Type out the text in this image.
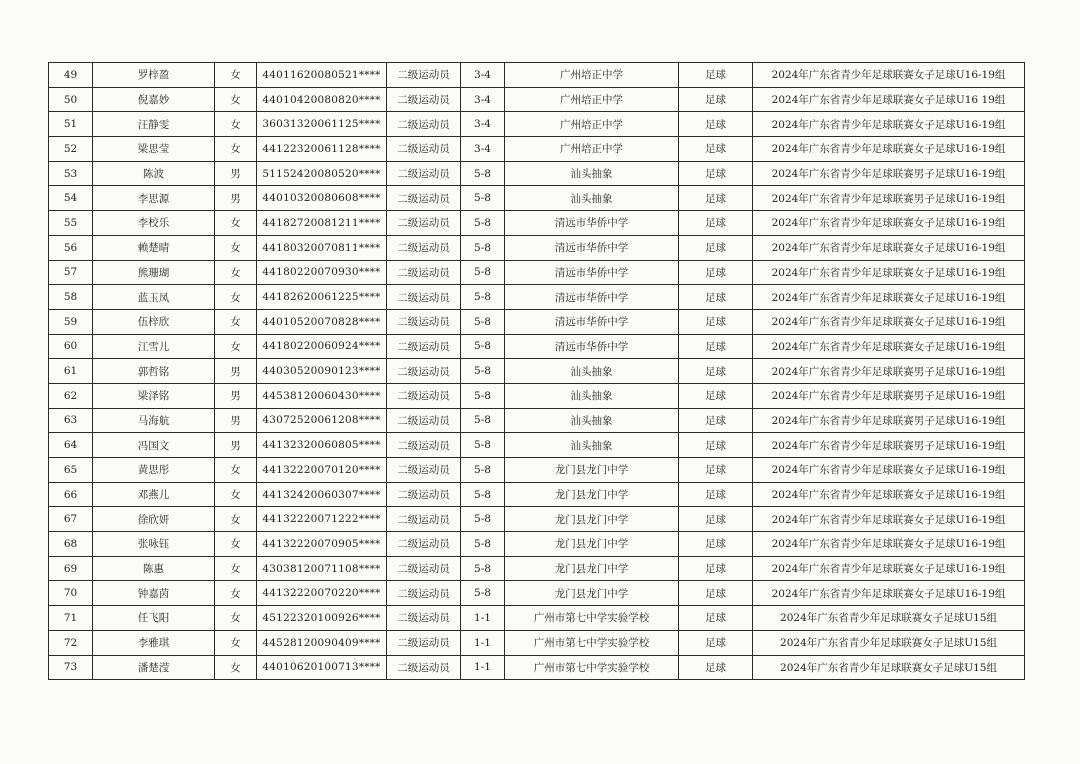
49	罗梓盈	女	44011620080521****	二级运动员	3-4	广州培正中学	足球	2024年广东省青少年足球联赛女子足球U16-19组
50	倪嘉妙	女	44010420080820****	二级运动员	3-4	广州培正中学	足球	2024年广东省青少年足球联赛女子足球U16 19组
51	汪静雯	女	36031320061125****	二级运动员	3-4	广州培正中学	足球	2024年广东省青少年足球联赛女子足球U16-19组
52	梁思莹	女	44122320061128****	二级运动员	3-4	广州培正中学	足球	2024年广东省青少年足球联赛女子足球U16-19组
53	陈波	男	51152420080520****	二级运动员	5-8	汕头抽象	足球	2024年广东省青少年足球联赛男子足球U16-19组
54	李思源	男	44010320080608****	二级运动员	5-8	汕头抽象	足球	2024年广东省青少年足球联赛男子足球U16-19组
55	李校乐	女	44182720081211****	二级运动员	5-8	清远市华侨中学	足球	2024年广东省青少年足球联赛女子足球U16-19组
56	赖楚晴	女	44180320070811****	二级运动员	5-8	清远市华侨中学	足球	2024年广东省青少年足球联赛女子足球U16-19组
57	熊珊瑚	女	44180220070930****	二级运动员	5-8	清远市华侨中学	足球	2024年广东省青少年足球联赛女子足球U16-19组
58	蓝玉凤	女	44182620061225****	二级运动员	5-8	清远市华侨中学	足球	2024年广东省青少年足球联赛女子足球U16-19组
59	伍梓欣	女	44010520070828****	二级运动员	5-8	清远市华侨中学	足球	2024年广东省青少年足球联赛女子足球U16-19组
60	江雪儿	女	44180220060924****	二级运动员	5-8	清远市华侨中学	足球	2024年广东省青少年足球联赛女子足球U16-19组
61	郭哲铭	男	44030520090123****	二级运动员	5-8	汕头抽象	足球	2024年广东省青少年足球联赛男子足球U16-19组
62	梁泽铭	男	44538120060430****	二级运动员	5-8	汕头抽象	足球	2024年广东省青少年足球联赛男子足球U16-19组
63	马海航	男	43072520061208****	二级运动员	5-8	汕头抽象	足球	2024年广东省青少年足球联赛男子足球U16-19组
64	冯国文	男	44132320060805****	二级运动员	5-8	汕头抽象	足球	2024年广东省青少年足球联赛男子足球U16-19组
65	黄思彤	女	44132220070120****	二级运动员	5-8	龙门县龙门中学	足球	2024年广东省青少年足球联赛女子足球U16-19组
66	邓燕儿	女	44132420060307****	二级运动员	5-8	龙门县龙门中学	足球	2024年广东省青少年足球联赛女子足球U16-19组
67	徐欣妍	女	44132220071222****	二级运动员	5-8	龙门县龙门中学	足球	2024年广东省青少年足球联赛女子足球U16-19组
68	张咏钰	女	44132220070905****	二级运动员	5-8	龙门县龙门中学	足球	2024年广东省青少年足球联赛女子足球U16-19组
69	陈惠	女	43038120071108****	二级运动员	5-8	龙门县龙门中学	足球	2024年广东省青少年足球联赛女子足球U16-19组
70	钟嘉茵	女	44132220070220****	二级运动员	5-8	龙门县龙门中学	足球	2024年广东省青少年足球联赛女子足球U16-19组
71	任飞阳	女	45122320100926****	二级运动员	1-1	广州市第七中学实验学校	足球	2024年广东省青少年足球联赛女子足球U15组
72	李雅琪	女	44528120090409****	二级运动员	1-1	广州市第七中学实验学校	足球	2024年广东省青少年足球联赛女子足球U15组
73	潘楚滢	女	44010620100713****	二级运动员	1-1	广州市第七中学实验学校	足球	2024年广东省青少年足球联赛女子足球U15组
